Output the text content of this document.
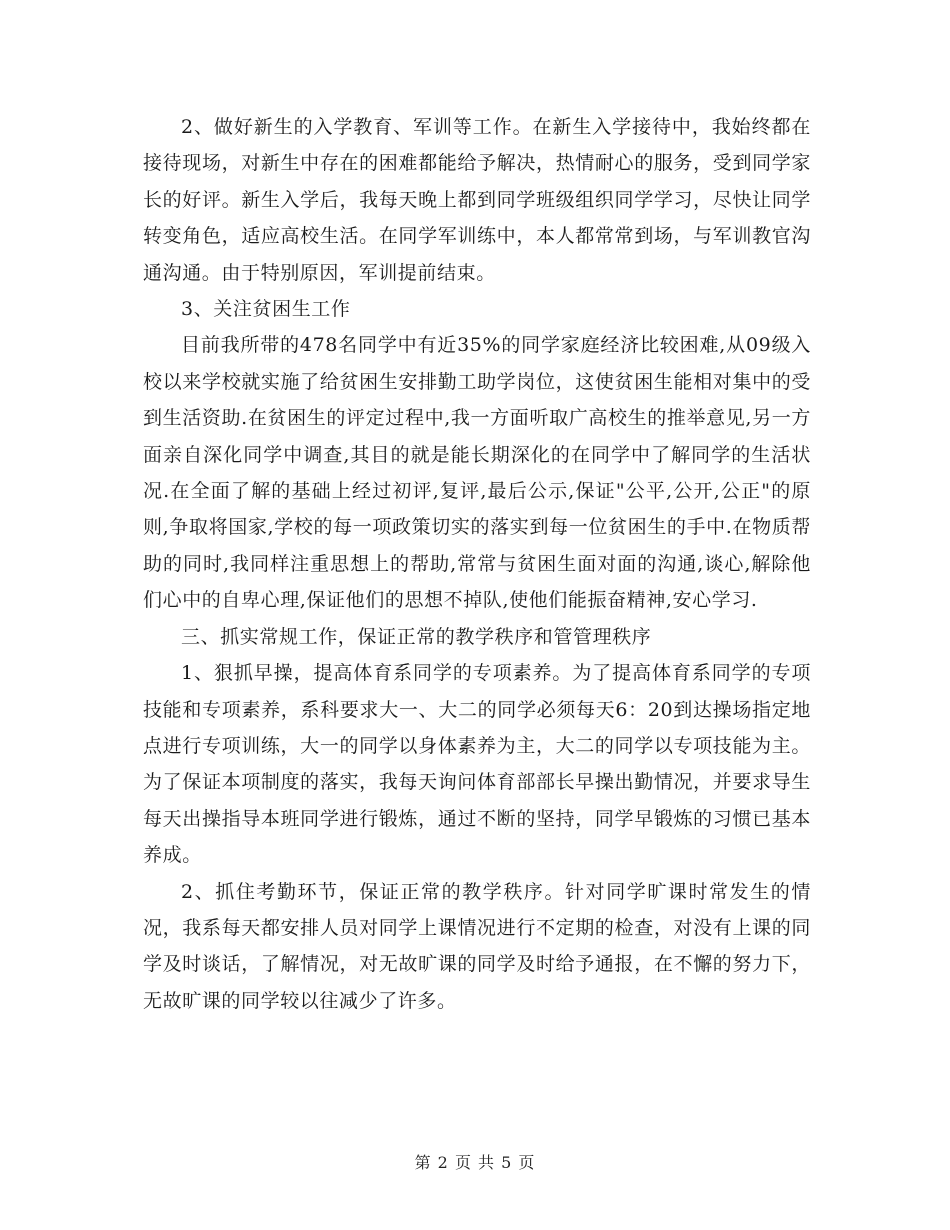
2、做好新生的入学教育、军训等工作。在新生入学接待中，我始终都在接待现场，对新生中存在的困难都能给予解决，热情耐心的服务，受到同学家长的好评。新生入学后，我每天晚上都到同学班级组织同学学习，尽快让同学转变角色，适应高校生活。在同学军训练中，本人都常常到场，与军训教官沟通沟通。由于特别原因，军训提前结束。

3、关注贫困生工作

目前我所带的478名同学中有近35%的同学家庭经济比较困难,从09级入校以来学校就实施了给贫困生安排勤工助学岗位，这使贫困生能相对集中的受到生活资助.在贫困生的评定过程中,我一方面听取广高校生的推举意见,另一方面亲自深化同学中调查,其目的就是能长期深化的在同学中了解同学的生活状况.在全面了解的基础上经过初评,复评,最后公示,保证"公平,公开,公正"的原则,争取将国家,学校的每一项政策切实的落实到每一位贫困生的手中.在物质帮助的同时,我同样注重思想上的帮助,常常与贫困生面对面的沟通,谈心,解除他们心中的自卑心理,保证他们的思想不掉队,使他们能振奋精神,安心学习.

三、抓实常规工作，保证正常的教学秩序和管管理秩序

1、狠抓早操，提高体育系同学的专项素养。为了提高体育系同学的专项技能和专项素养，系科要求大一、大二的同学必须每天6：20到达操场指定地点进行专项训练，大一的同学以身体素养为主，大二的同学以专项技能为主。为了保证本项制度的落实，我每天询问体育部部长早操出勤情况，并要求导生每天出操指导本班同学进行锻炼，通过不断的坚持，同学早锻炼的习惯已基本养成。

2、抓住考勤环节，保证正常的教学秩序。针对同学旷课时常发生的情况，我系每天都安排人员对同学上课情况进行不定期的检查，对没有上课的同学及时谈话，了解情况，对无故旷课的同学及时给予通报，在不懈的努力下，无故旷课的同学较以往减少了许多。

第 2 页 共 5 页
